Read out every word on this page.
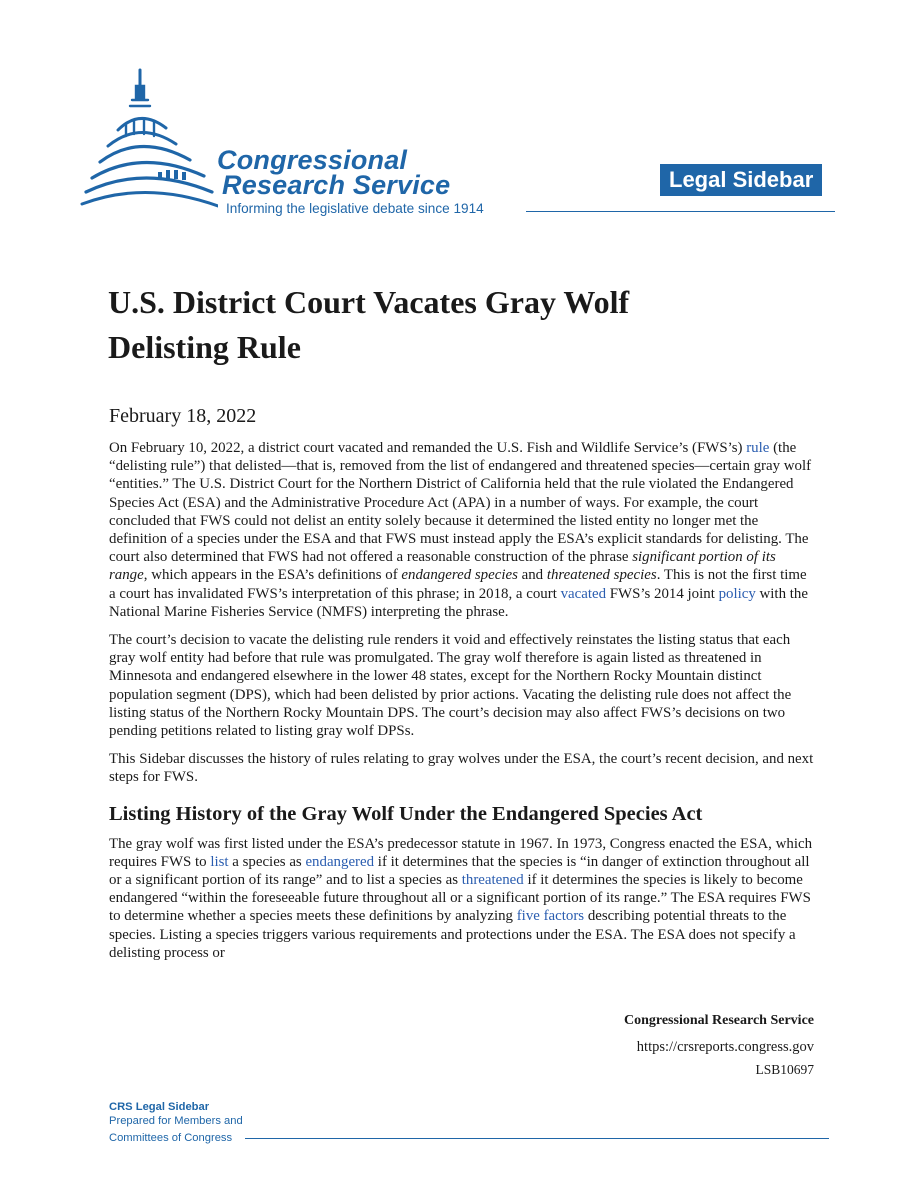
Congressional
Research Service
Informing the legislative debate since 1914
Legal Sidebar
U.S. District Court Vacates Gray Wolf
Delisting Rule
February 18, 2022

On February 10, 2022, a district court vacated and remanded the U.S. Fish and Wildlife Service’s (FWS’s) rule (the “delisting rule”) that delisted—that is, removed from the list of endangered and threatened species—certain gray wolf “entities.” The U.S. District Court for the Northern District of California held that the rule violated the Endangered Species Act (ESA) and the Administrative Procedure Act (APA) in a number of ways. For example, the court concluded that FWS could not delist an entity solely because it determined the listed entity no longer met the definition of a species under the ESA and that FWS must instead apply the ESA’s explicit standards for delisting. The court also determined that FWS had not offered a reasonable construction of the phrase significant portion of its range, which appears in the ESA’s definitions of endangered species and threatened species. This is not the first time a court has invalidated FWS’s interpretation of this phrase; in 2018, a court vacated FWS’s 2014 joint policy with the National Marine Fisheries Service (NMFS) interpreting the phrase.

The court’s decision to vacate the delisting rule renders it void and effectively reinstates the listing status that each gray wolf entity had before that rule was promulgated. The gray wolf therefore is again listed as threatened in Minnesota and endangered elsewhere in the lower 48 states, except for the Northern Rocky Mountain distinct population segment (DPS), which had been delisted by prior actions. Vacating the delisting rule does not affect the listing status of the Northern Rocky Mountain DPS. The court’s decision may also affect FWS’s decisions on two pending petitions related to listing gray wolf DPSs.

This Sidebar discusses the history of rules relating to gray wolves under the ESA, the court’s recent decision, and next steps for FWS.

Listing History of the Gray Wolf Under the Endangered Species Act

The gray wolf was first listed under the ESA’s predecessor statute in 1967. In 1973, Congress enacted the ESA, which requires FWS to list a species as endangered if it determines that the species is “in danger of extinction throughout all or a significant portion of its range” and to list a species as threatened if it determines the species is likely to become endangered “within the foreseeable future throughout all or a significant portion of its range.” The ESA requires FWS to determine whether a species meets these definitions by analyzing five factors describing potential threats to the species. Listing a species triggers various requirements and protections under the ESA. The ESA does not specify a delisting process or

Congressional Research Service
https://crsreports.congress.gov
LSB10697
CRS Legal Sidebar
Prepared for Members and
Committees of Congress
